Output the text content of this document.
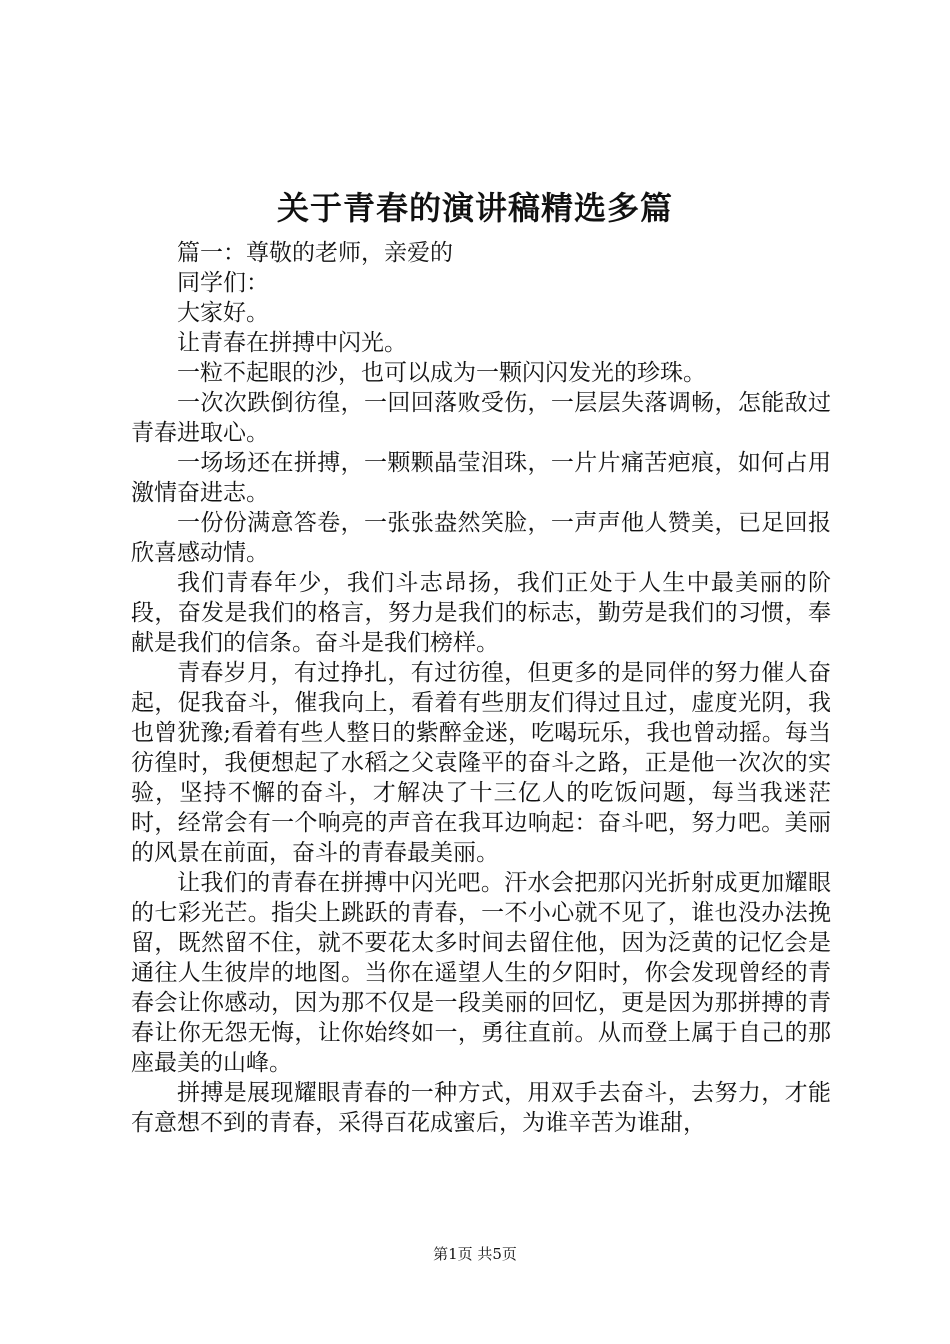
关于青春的演讲稿精选多篇

篇一：尊敬的老师，亲爱的

同学们：

大家好。

让青春在拼搏中闪光。

一粒不起眼的沙，也可以成为一颗闪闪发光的珍珠。

一次次跌倒彷徨，一回回落败受伤，一层层失落调畅，怎能敌过青春进取心。

一场场还在拼搏，一颗颗晶莹泪珠，一片片痛苦疤痕，如何占用激情奋进志。

一份份满意答卷，一张张盎然笑脸，一声声他人赞美，已足回报欣喜感动情。

我们青春年少，我们斗志昂扬，我们正处于人生中最美丽的阶段，奋发是我们的格言，努力是我们的标志，勤劳是我们的习惯，奉献是我们的信条。奋斗是我们榜样。

青春岁月，有过挣扎，有过彷徨，但更多的是同伴的努力催人奋起，促我奋斗，催我向上，看着有些朋友们得过且过，虚度光阴，我也曾犹豫;看着有些人整日的紫醉金迷，吃喝玩乐，我也曾动摇。每当彷徨时，我便想起了水稻之父袁隆平的奋斗之路，正是他一次次的实验，坚持不懈的奋斗，才解决了十三亿人的吃饭问题，每当我迷茫时，经常会有一个响亮的声音在我耳边响起：奋斗吧，努力吧。美丽的风景在前面，奋斗的青春最美丽。

让我们的青春在拼搏中闪光吧。汗水会把那闪光折射成更加耀眼的七彩光芒。指尖上跳跃的青春，一不小心就不见了，谁也没办法挽留，既然留不住，就不要花太多时间去留住他，因为泛黄的记忆会是通往人生彼岸的地图。当你在遥望人生的夕阳时，你会发现曾经的青春会让你感动，因为那不仅是一段美丽的回忆，更是因为那拼搏的青春让你无怨无悔，让你始终如一，勇往直前。从而登上属于自己的那座最美的山峰。

拼搏是展现耀眼青春的一种方式，用双手去奋斗，去努力，才能有意想不到的青春，采得百花成蜜后，为谁辛苦为谁甜，

第1页 共5页
